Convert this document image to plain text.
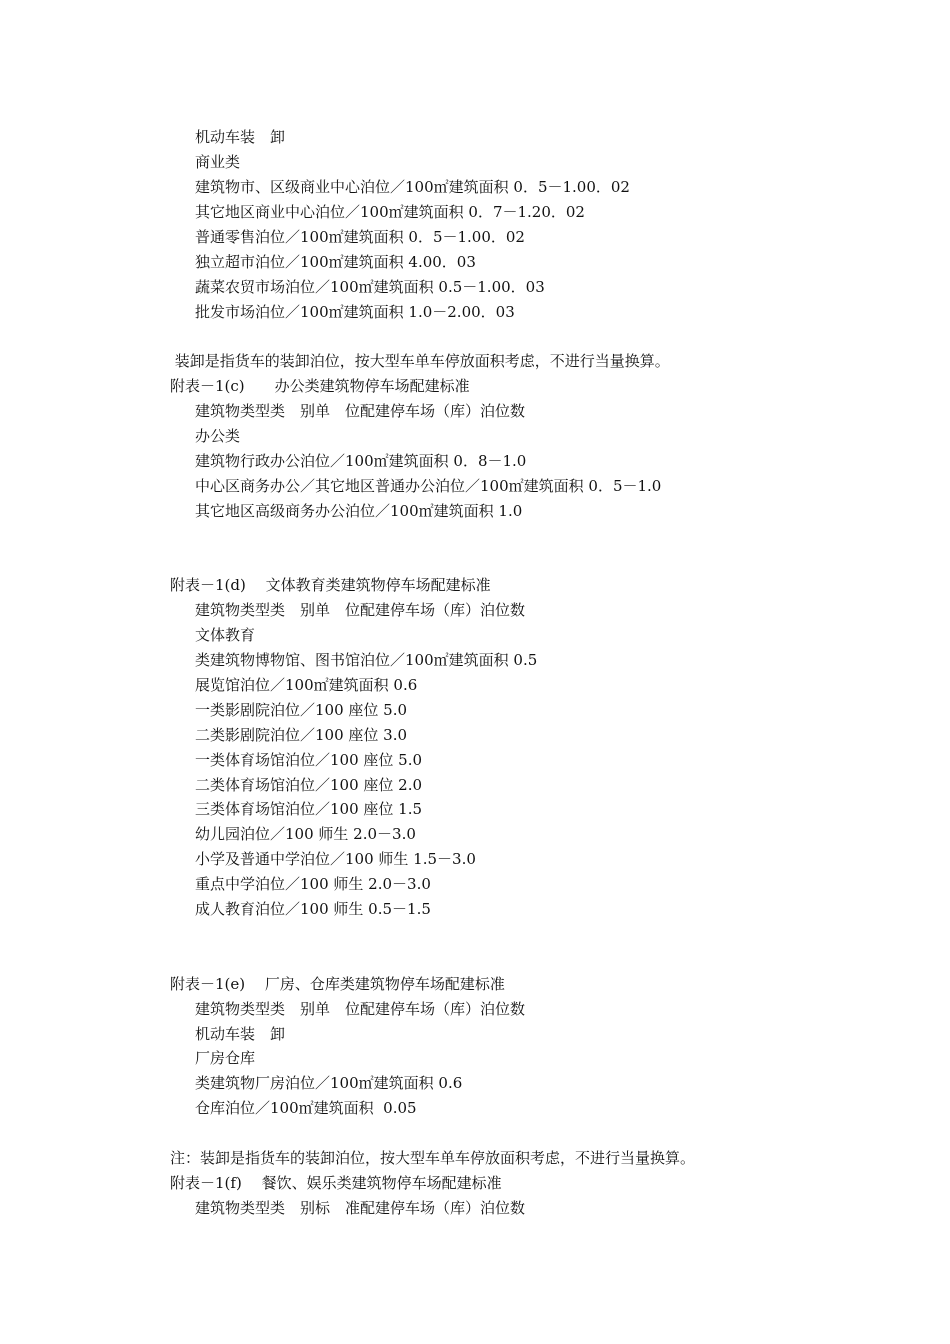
机动车装　卸
商业类
建筑物市、区级商业中心泊位／100㎡建筑面积 0．5－1.00．02
其它地区商业中心泊位／100㎡建筑面积 0．7－1.20．02
普通零售泊位／100㎡建筑面积 0．5－1.00．02
独立超市泊位／100㎡建筑面积 4.00．03
蔬菜农贸市场泊位／100㎡建筑面积 0.5－1.00．03
批发市场泊位／100㎡建筑面积 1.0－2.00．03
装卸是指货车的装卸泊位，按大型车单车停放面积考虑，不进行当量换算。
附表－1(c)　　办公类建筑物停车场配建标准
建筑物类型类　别单　位配建停车场（库）泊位数
办公类
建筑物行政办公泊位／100㎡建筑面积 0．8－1.0
中心区商务办公／其它地区普通办公泊位／100㎡建筑面积 0．5－1.0
其它地区高级商务办公泊位／100㎡建筑面积 1.0
附表－1(d)　 文体教育类建筑物停车场配建标准
建筑物类型类　别单　位配建停车场（库）泊位数
文体教育
类建筑物博物馆、图书馆泊位／100㎡建筑面积 0.5
展览馆泊位／100㎡建筑面积 0.6
一类影剧院泊位／100 座位 5.0
二类影剧院泊位／100 座位 3.0
一类体育场馆泊位／100 座位 5.0
二类体育场馆泊位／100 座位 2.0
三类体育场馆泊位／100 座位 1.5
幼儿园泊位／100 师生 2.0－3.0
小学及普通中学泊位／100 师生 1.5－3.0
重点中学泊位／100 师生 2.0－3.0
成人教育泊位／100 师生 0.5－1.5
附表－1(e)　 厂房、仓库类建筑物停车场配建标准
建筑物类型类　别单　位配建停车场（库）泊位数
机动车装　卸
厂房仓库
类建筑物厂房泊位／100㎡建筑面积 0.6
仓库泊位／100㎡建筑面积  0.05
注：装卸是指货车的装卸泊位，按大型车单车停放面积考虑，不进行当量换算。
附表－1(f)　 餐饮、娱乐类建筑物停车场配建标准
建筑物类型类　别标　准配建停车场（库）泊位数
